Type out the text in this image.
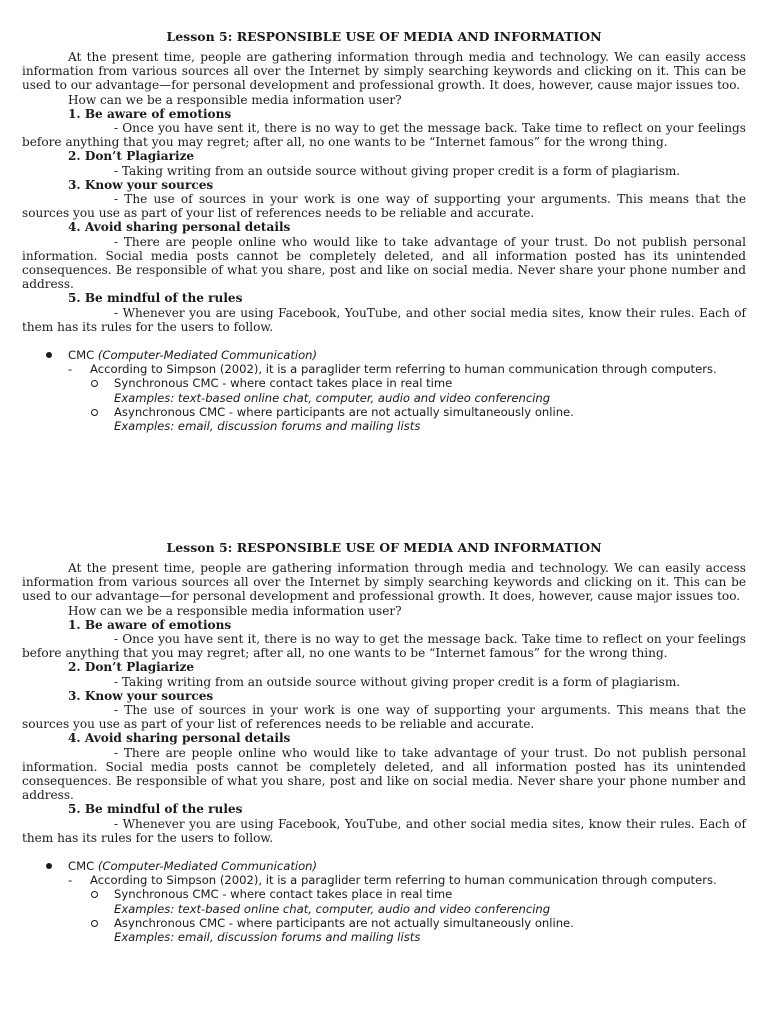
Lesson 5: RESPONSIBLE USE OF MEDIA AND INFORMATION

At the present time, people are gathering information through media and technology. We can easily access information from various sources all over the Internet by simply searching keywords and clicking on it. This can be used to our advantage—for personal development and professional growth. It does, however, cause major issues too.

How can we be a responsible media information user?

1. Be aware of emotions

- Once you have sent it, there is no way to get the message back. Take time to reflect on your feelings before anything that you may regret; after all, no one wants to be “Internet famous” for the wrong thing.

2. Don’t Plagiarize

- Taking writing from an outside source without giving proper credit is a form of plagiarism.

3. Know your sources

- The use of sources in your work is one way of supporting your arguments. This means that the sources you use as part of your list of references needs to be reliable and accurate.

4. Avoid sharing personal details

- There are people online who would like to take advantage of your trust. Do not publish personal information. Social media posts cannot be completely deleted, and all information posted has its unintended consequences. Be responsible of what you share, post and like on social media. Never share your phone number and address.

5. Be mindful of the rules

- Whenever you are using Facebook, YouTube, and other social media sites, know their rules. Each of them has its rules for the users to follow.

CMC (Computer-Mediated Communication)
- According to Simpson (2002), it is a paraglider term referring to human communication through computers.
Synchronous CMC - where contact takes place in real time
Examples: text-based online chat, computer, audio and video conferencing
Asynchronous CMC - where participants are not actually simultaneously online.
Examples: email, discussion forums and mailing lists
Lesson 5: RESPONSIBLE USE OF MEDIA AND INFORMATION

At the present time, people are gathering information through media and technology. We can easily access information from various sources all over the Internet by simply searching keywords and clicking on it. This can be used to our advantage—for personal development and professional growth. It does, however, cause major issues too.

How can we be a responsible media information user?

1. Be aware of emotions

- Once you have sent it, there is no way to get the message back. Take time to reflect on your feelings before anything that you may regret; after all, no one wants to be “Internet famous” for the wrong thing.

2. Don’t Plagiarize

- Taking writing from an outside source without giving proper credit is a form of plagiarism.

3. Know your sources

- The use of sources in your work is one way of supporting your arguments. This means that the sources you use as part of your list of references needs to be reliable and accurate.

4. Avoid sharing personal details

- There are people online who would like to take advantage of your trust. Do not publish personal information. Social media posts cannot be completely deleted, and all information posted has its unintended consequences. Be responsible of what you share, post and like on social media. Never share your phone number and address.

5. Be mindful of the rules

- Whenever you are using Facebook, YouTube, and other social media sites, know their rules. Each of them has its rules for the users to follow.

CMC (Computer-Mediated Communication)
- According to Simpson (2002), it is a paraglider term referring to human communication through computers.
Synchronous CMC - where contact takes place in real time
Examples: text-based online chat, computer, audio and video conferencing
Asynchronous CMC - where participants are not actually simultaneously online.
Examples: email, discussion forums and mailing lists
